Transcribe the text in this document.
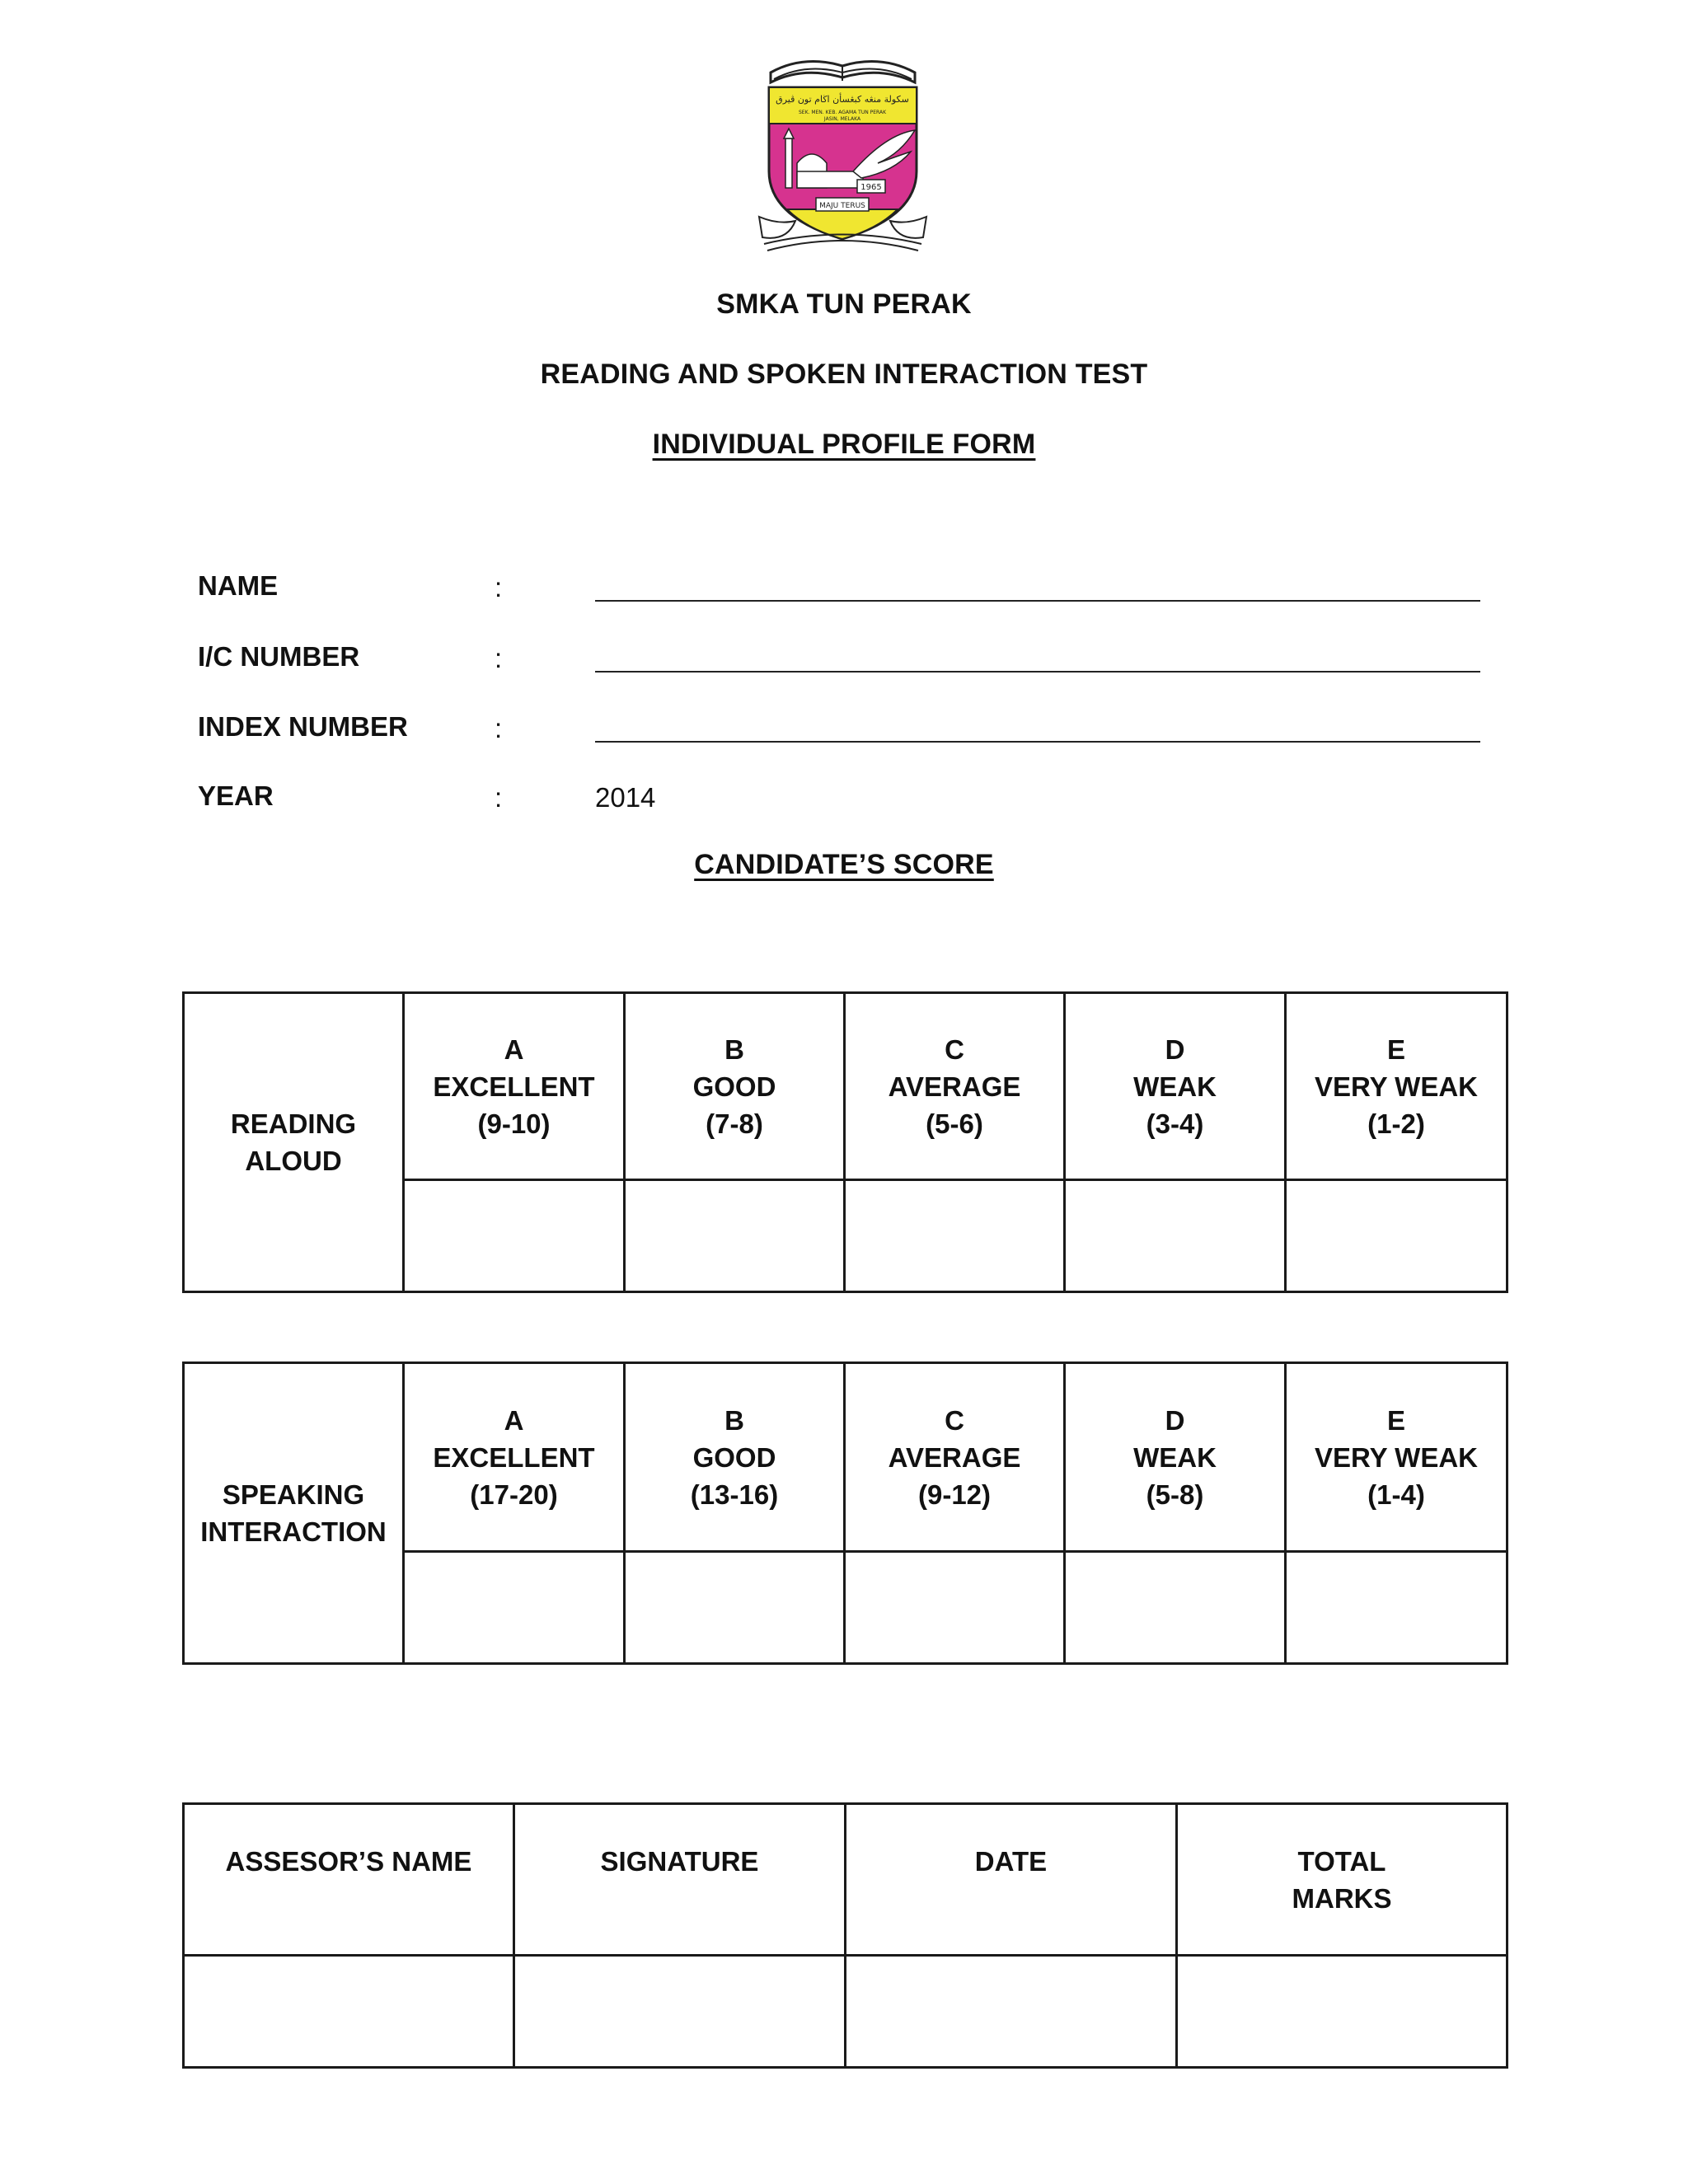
سكولة منڠه كبڠسأن اڬام تون ڤيرق
SEK. MEN. KEB. AGAMA TUN PERAK
JASIN, MELAKA
1965
MAJU TERUS
SMKA TUN PERAK
READING AND SPOKEN INTERACTION TEST
INDIVIDUAL PROFILE FORM
NAME	:
I/C NUMBER	:
INDEX NUMBER	:
YEAR	:	2014
CANDIDATE’S SCORE
READING
ALOUD	A
EXCELLENT
(9-10)	B
GOOD
(7-8)	C
AVERAGE
(5-6)	D
WEAK
(3-4)	E
VERY WEAK
(1-2)

SPEAKING
INTERACTION	A
EXCELLENT
(17-20)	B
GOOD
(13-16)	C
AVERAGE
(9-12)	D
WEAK
(5-8)	E
VERY WEAK
(1-4)

ASSESOR’S NAME	SIGNATURE	DATE	TOTAL
MARKS
